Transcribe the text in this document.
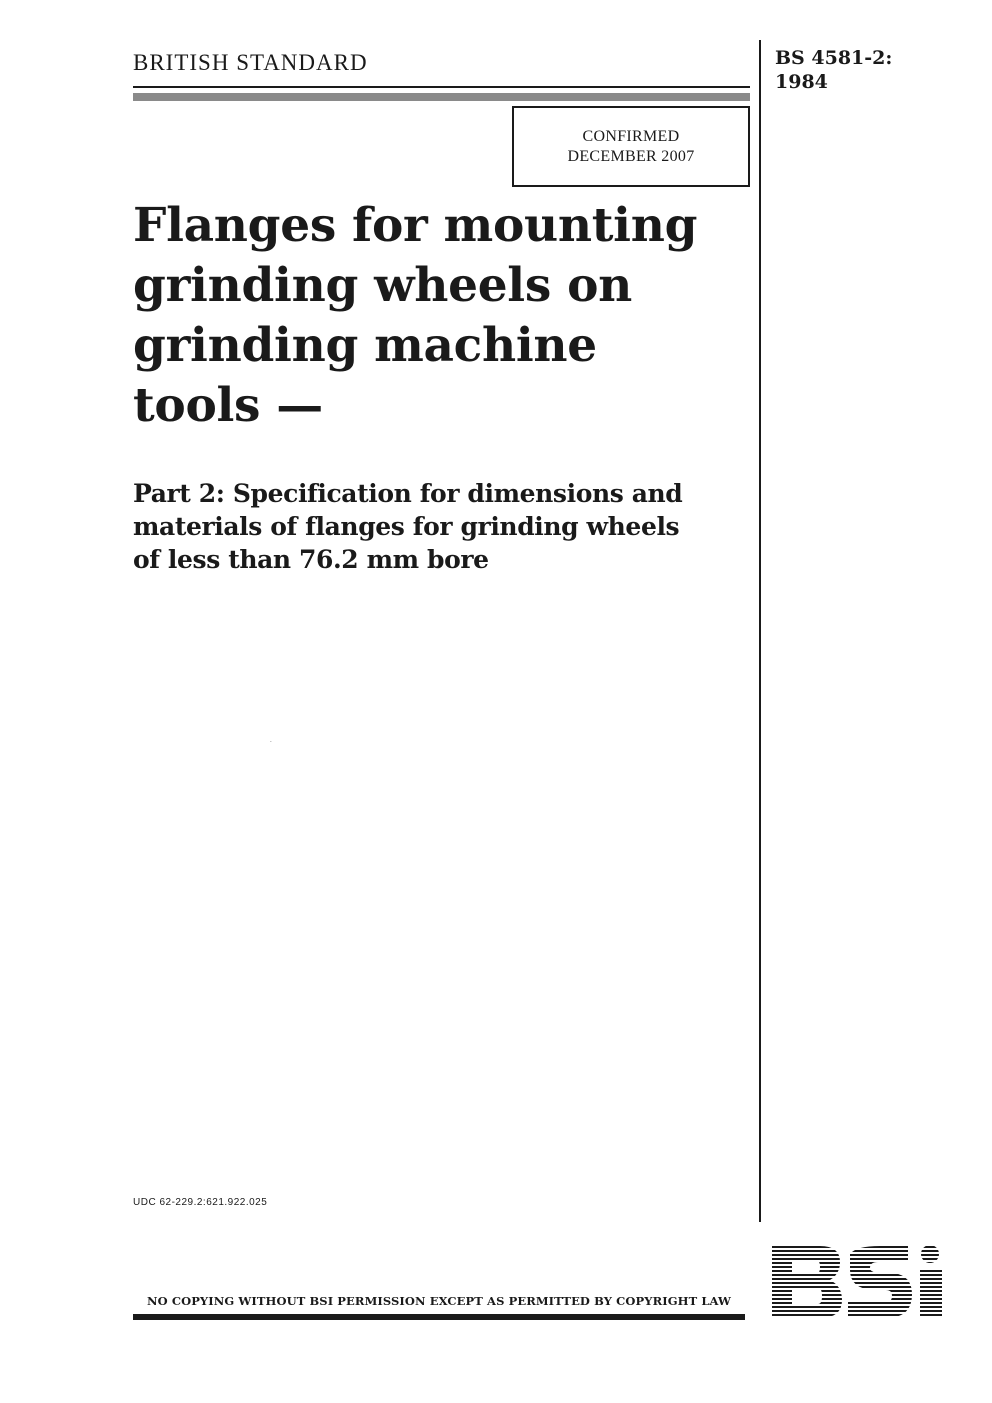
BRITISH STANDARD	BS 4581-2:
1984
CONFIRMED
DECEMBER 2007
Flanges for mounting
grinding wheels on
grinding machine
tools —
Part 2: Specification for dimensions and
materials of flanges for grinding wheels
of less than 76.2 mm bore
UDC 62-229.2:621.922.025
NO COPYING WITHOUT BSI PERMISSION EXCEPT AS PERMITTED BY COPYRIGHT LAW
BSI
